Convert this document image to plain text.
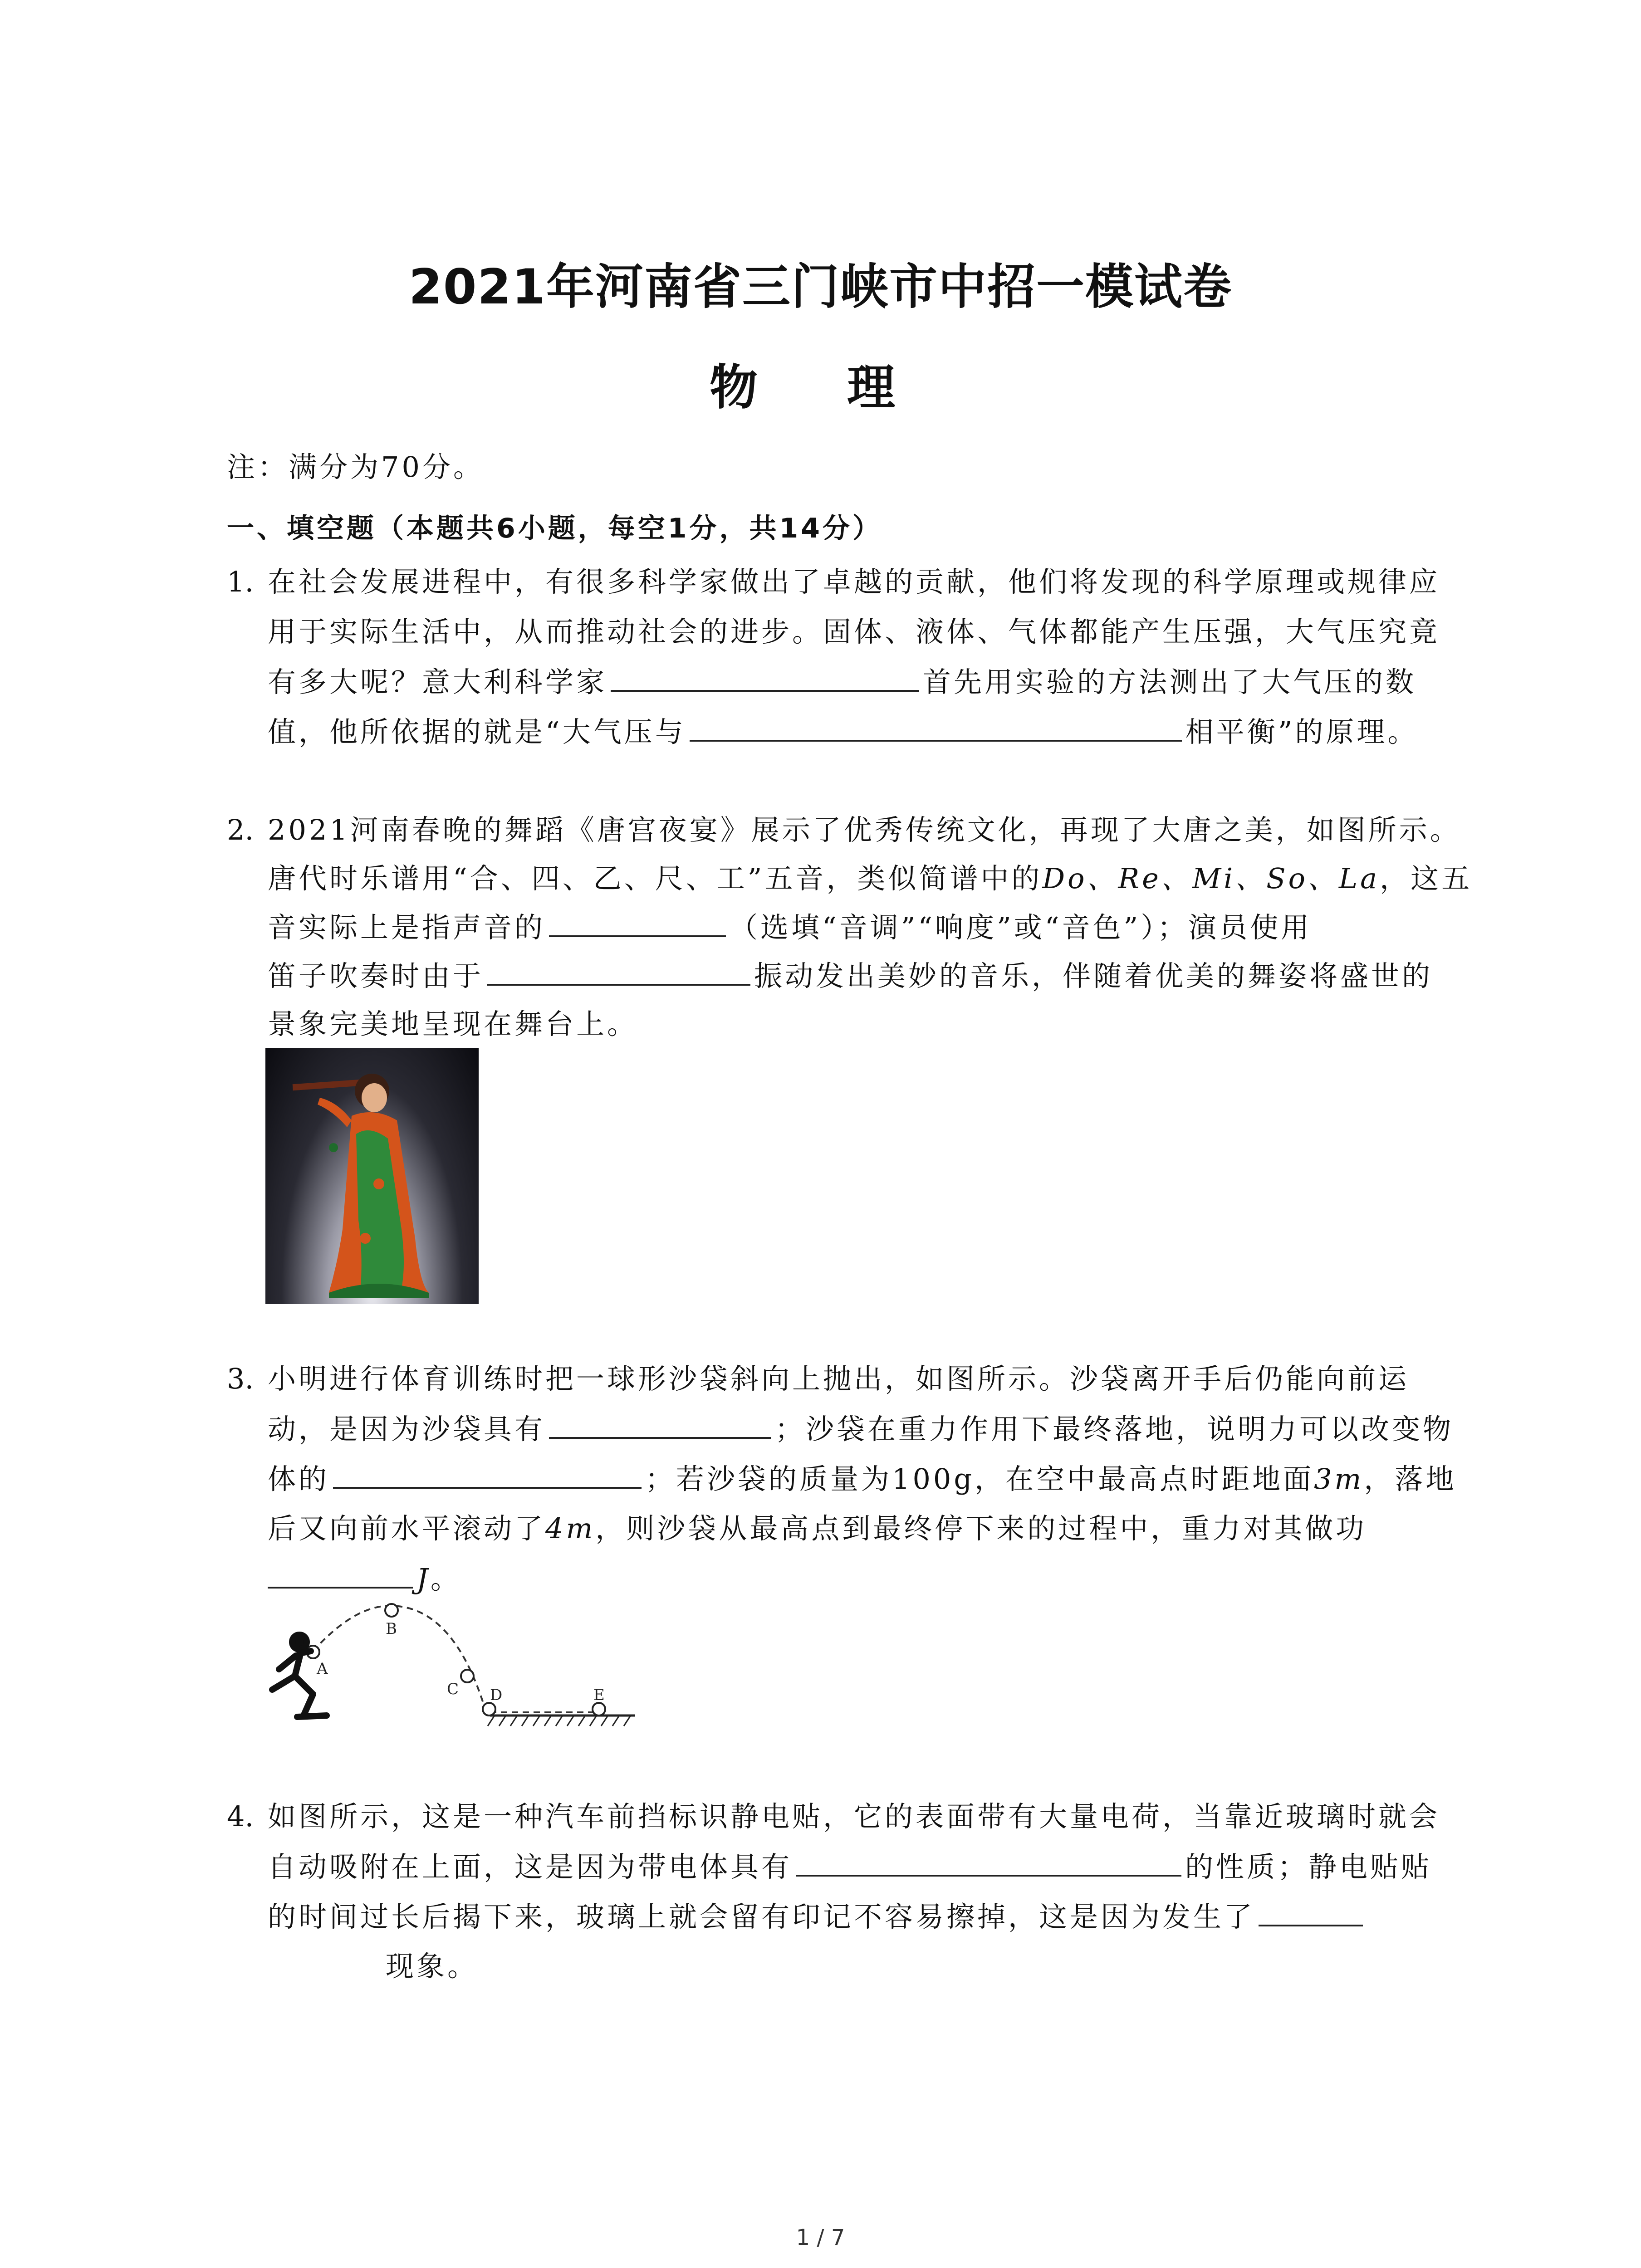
2021年河南省三门峡市中招一模试卷
物 理
注：满分为70分。
一、填空题（本题共6小题，每空1分，共14分）
1. 在社会发展进程中，有很多科学家做出了卓越的贡献，他们将发现的科学原理或规律应
用于实际生活中，从而推动社会的进步。固体、液体、气体都能产生压强，大气压究竟
有多大呢？意大利科学家	首先用实验的方法测出了大气压的数
值，他所依据的就是“大气压与	相平衡”的原理。
2. 2021河南春晚的舞蹈《唐宫夜宴》展示了优秀传统文化，再现了大唐之美，如图所示。
唐代时乐谱用“合、四、乙、尺、工”五音，类似简谱中的Do、Re、Mi、So、La，这五
音实际上是指声音的	（选填“音调”“响度”或“音色”）；演员使用
笛子吹奏时由于	振动发出美妙的音乐，伴随着优美的舞姿将盛世的
景象完美地呈现在舞台上。
3. 小明进行体育训练时把一球形沙袋斜向上抛出，如图所示。沙袋离开手后仍能向前运
动，是因为沙袋具有	；沙袋在重力作用下最终落地，说明力可以改变物
体的	；若沙袋的质量为100g，在空中最高点时距地面3m，落地
后又向前水平滚动了4m，则沙袋从最高点到最终停下来的过程中，重力对其做功
J。
A
B
C D	E
4. 如图所示，这是一种汽车前挡标识静电贴，它的表面带有大量电荷，当靠近玻璃时就会
自动吸附在上面，这是因为带电体具有	的性质；静电贴贴
的时间过长后揭下来，玻璃上就会留有印记不容易擦掉，这是因为发生了
现象。
1 / 7
